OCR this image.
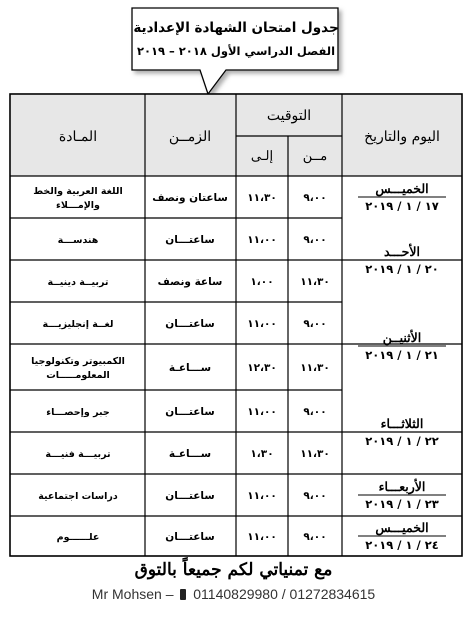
جدول امتحان الشهادة الإعدادية
الفصل الدراسي الأول ٢٠١٨ – ٢٠١٩
اليوم والتاريخ
التوقيت
مــن
إلـى
الزمــن
المـادة
٩،٠٠
١١،٣٠
ساعتان ونصف
اللغة العربية والخط
والإمـــلاء
٩،٠٠
١١،٠٠
ساعتـــان
هندســـة
١١،٣٠
١،٠٠
ساعة ونصف
تربيــة دينيــة
٩،٠٠
١١،٠٠
ساعتـــان
لغــة إنجليزيـــة
١١،٣٠
١٢،٣٠
ســـاعـة
الكمبيوتر وتكنولوجيا
المعلومـــــات
٩،٠٠
١١،٠٠
ساعتـــان
جبر وإحصـــاء
١١،٣٠
١،٣٠
ســـاعـة
تربيـــة فنيـــة
٩،٠٠
١١،٠٠
ساعتـــان
دراسات اجتماعية
٩،٠٠
١١،٠٠
ساعتـــان
علــــــوم
الخميـــس
١٧ / ١ / ٢٠١٩
الأحـــد
٢٠ / ١ / ٢٠١٩
الأثنيــن
٢١ / ١ / ٢٠١٩
الثلاثـــاء
٢٢ / ١ / ٢٠١٩
الأربعـــاء
٢٣ / ١ / ٢٠١٩
الخميـــس
٢٤ / ١ / ٢٠١٩
مع تمنياتي لكم جميعاً بالتوق
Mr Mohsen – 01140829980 / 01272834615
